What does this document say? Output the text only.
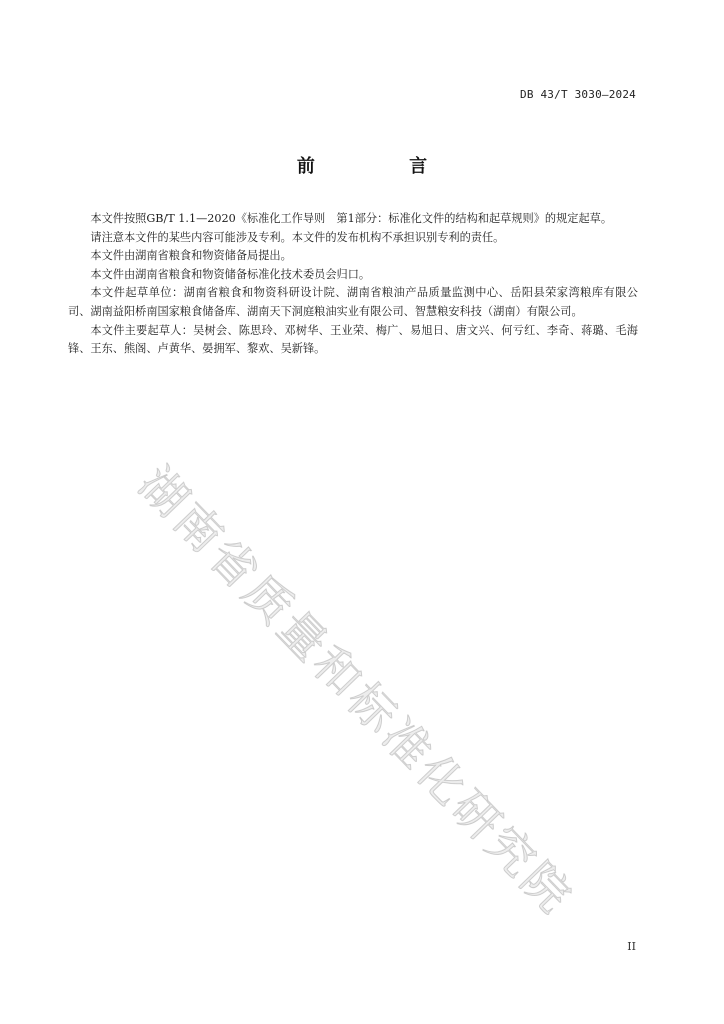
湖南省质量和标准化研究院
DB 43/T 3030—2024
前 言

本文件按照GB/T 1.1—2020《标准化工作导则　第1部分：标准化文件的结构和起草规则》的规定起草。

请注意本文件的某些内容可能涉及专利。本文件的发布机构不承担识别专利的责任。

本文件由湖南省粮食和物资储备局提出。

本文件由湖南省粮食和物资储备标准化技术委员会归口。

本文件起草单位：湖南省粮食和物资科研设计院、湖南省粮油产品质量监测中心、岳阳县荣家湾粮库有限公司、湖南益阳桥南国家粮食储备库、湖南天下洞庭粮油实业有限公司、智慧粮安科技（湖南）有限公司。

本文件主要起草人：吴树会、陈思玲、邓树华、王业荣、梅广、易旭日、唐文兴、何亏红、李奇、蒋璐、毛海锋、王东、熊阁、卢黄华、晏拥军、黎欢、吴新锋。

II
